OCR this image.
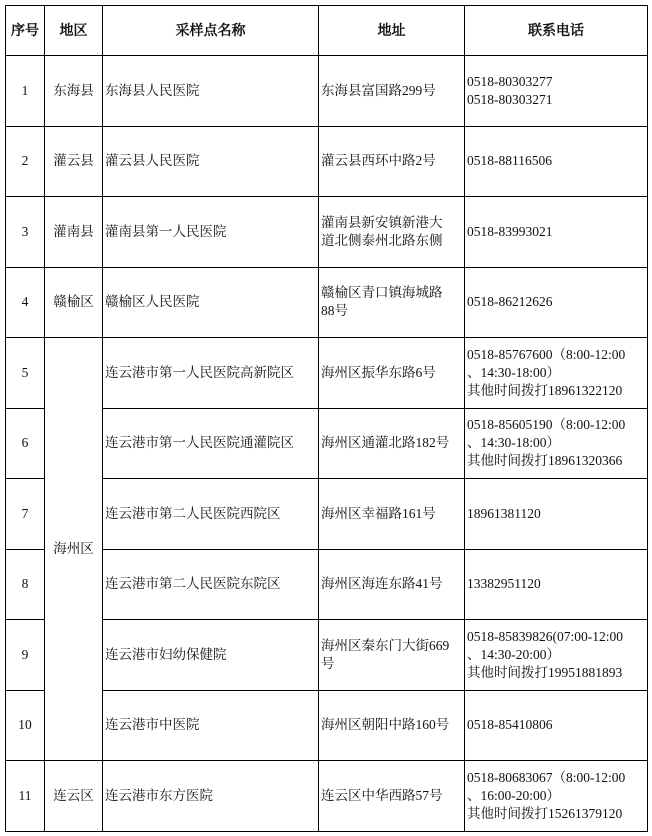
序号	地区	采样点名称	地址	联系电话
1	东海县	东海县人民医院	东海县富国路299号	0518-80303277
0518-80303271

2	灌云县	灌云县人民医院	灌云县西环中路2号	0518-88116506

3	灌南县	灌南县第一人民医院	灌南县新安镇新港大
道北侧泰州北路东侧	0518-83993021

4	赣榆区	赣榆区人民医院	赣榆区青口镇海城路
88号	0518-86212626

5	海州区	连云港市第一人民医院高新院区	海州区振华东路6号	0518-85767600（8:00-12:00
、14:30-18:00）
其他时间拨打18961322120

6		连云港市第一人民医院通灌院区	海州区通灌北路182号	0518-85605190（8:00-12:00
、14:30-18:00）
其他时间拨打18961320366

7		连云港市第二人民医院西院区	海州区幸福路161号	18961381120

8		连云港市第二人民医院东院区	海州区海连东路41号	13382951120

9		连云港市妇幼保健院	海州区秦东门大街669
号	0518-85839826(07:00-12:00
、14:30-20:00）
其他时间拨打19951881893

10		连云港市中医院	海州区朝阳中路160号	0518-85410806

11	连云区	连云港市东方医院	连云区中华西路57号	0518-80683067（8:00-12:00
、16:00-20:00）
其他时间拨打15261379120
